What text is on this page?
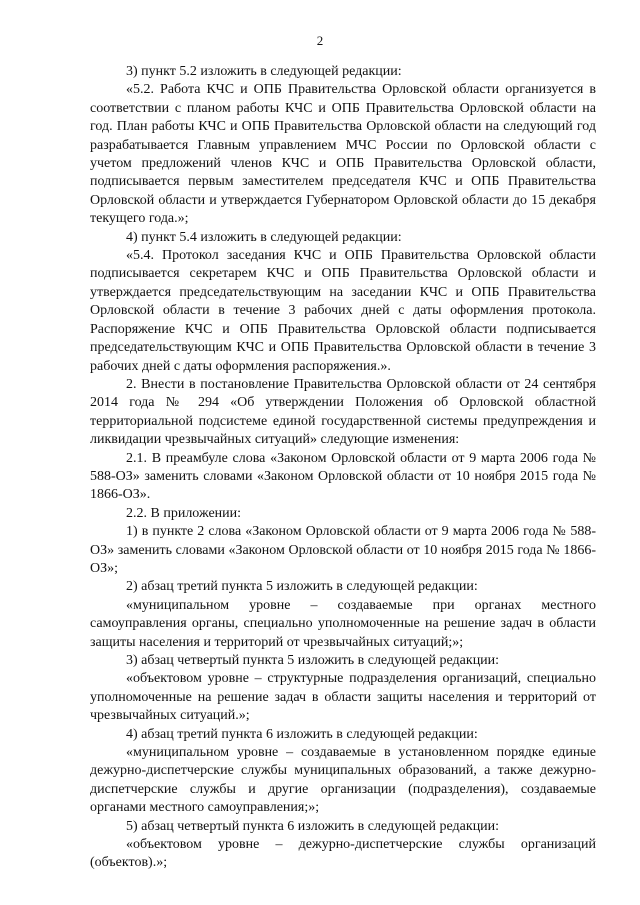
2

3) пункт 5.2 изложить в следующей редакции:

«5.2. Работа КЧС и ОПБ Правительства Орловской области организуется в соответствии с планом работы КЧС и ОПБ Правительства Орловской области на год. План работы КЧС и ОПБ Правительства Орловской области на следующий год разрабатывается Главным управлением МЧС России по Орловской области с учетом предложений членов КЧС и ОПБ Правительства Орловской области, подписывается первым заместителем председателя КЧС и ОПБ Правительства Орловской области и утверждается Губернатором Орловской области до 15 декабря текущего года.»;

4) пункт 5.4 изложить в следующей редакции:

«5.4. Протокол заседания КЧС и ОПБ Правительства Орловской области подписывается секретарем КЧС и ОПБ Правительства Орловской области и утверждается председательствующим на заседании КЧС и ОПБ Правительства Орловской области в течение 3 рабочих дней с даты оформления протокола. Распоряжение КЧС и ОПБ Правительства Орловской области подписывается председательствующим КЧС и ОПБ Правительства Орловской области в течение 3 рабочих дней с даты оформления распоряжения.».

2. Внести в постановление Правительства Орловской области от 24 сентября 2014 года № 294 «Об утверждении Положения об Орловской областной территориальной подсистеме единой государственной системы предупреждения и ликвидации чрезвычайных ситуаций» следующие изменения:

2.1. В преамбуле слова «Законом Орловской области от 9 марта 2006 года № 588-ОЗ» заменить словами «Законом Орловской области от 10 ноября 2015 года № 1866-ОЗ».

2.2. В приложении:

1) в пункте 2 слова «Законом Орловской области от 9 марта 2006 года № 588-ОЗ» заменить словами «Законом Орловской области от 10 ноября 2015 года № 1866-ОЗ»;

2) абзац третий пункта 5 изложить в следующей редакции:

«муниципальном уровне – создаваемые при органах местного самоуправления органы, специально уполномоченные на решение задач в области защиты населения и территорий от чрезвычайных ситуаций;»;

3) абзац четвертый пункта 5 изложить в следующей редакции:

«объектовом уровне – структурные подразделения организаций, специально уполномоченные на решение задач в области защиты населения и территорий от чрезвычайных ситуаций.»;

4) абзац третий пункта 6 изложить в следующей редакции:

«муниципальном уровне – создаваемые в установленном порядке единые дежурно-диспетчерские службы муниципальных образований, а также дежурно-диспетчерские службы и другие организации (подразделения), создаваемые органами местного самоуправления;»;

5) абзац четвертый пункта 6 изложить в следующей редакции:

«объектовом уровне – дежурно-диспетчерские службы организаций (объектов).»;
